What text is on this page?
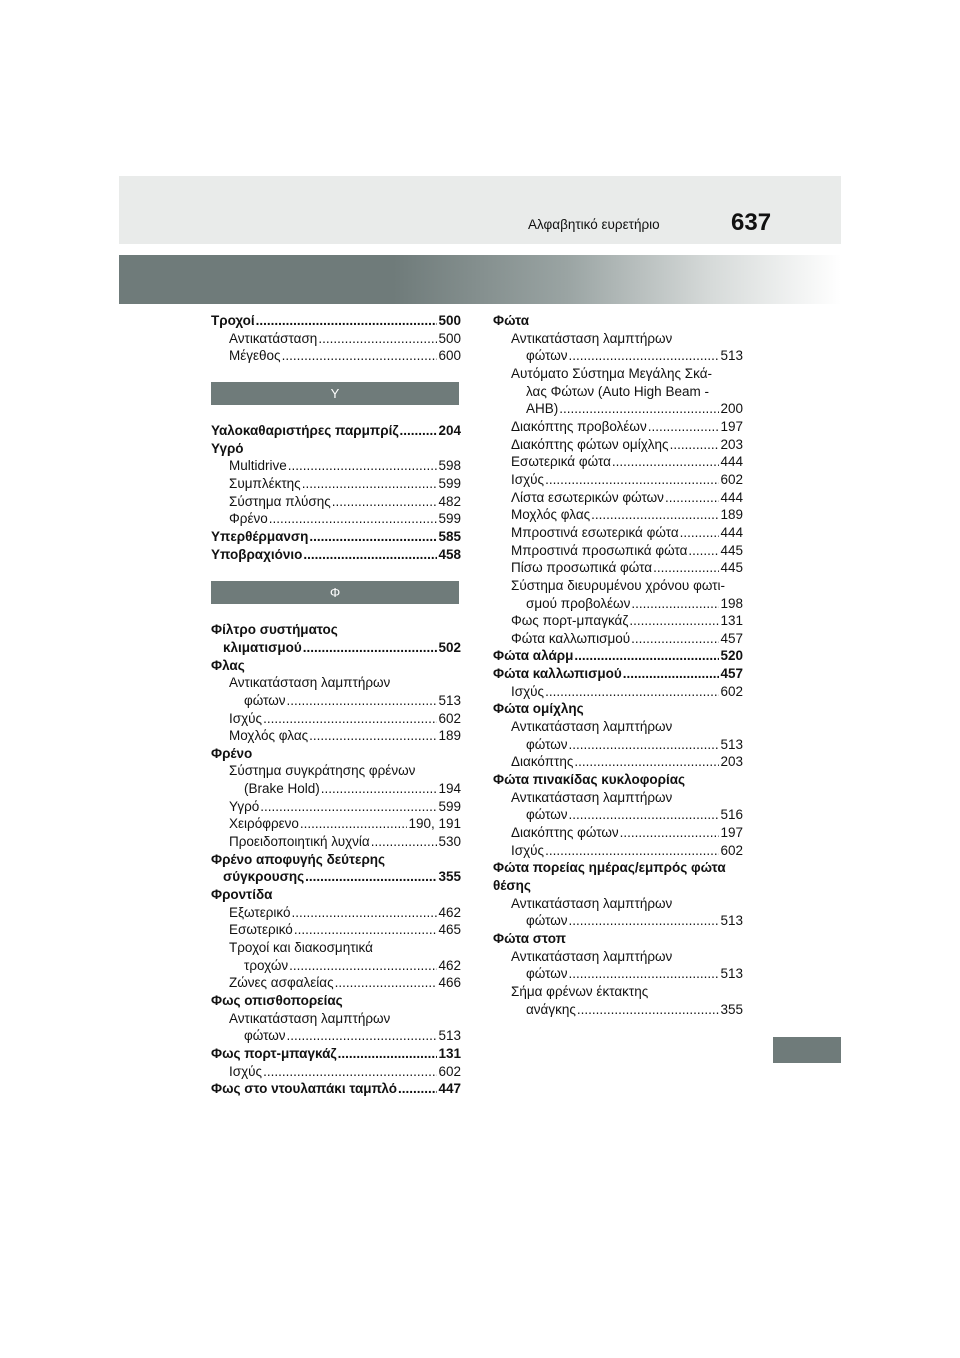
Αλφαβητικό ευρετήριο	637
Τροχοί .....	500
Αντικατάσταση .....	500
Μέγεθος .....	600
Υ
Υαλοκαθαριστήρες παρμπρίζ .....	204
Υγρό
Multidrive .....	598
Συμπλέκτης .....	599
Σύστημα πλύσης .....	482
Φρένο .....	599
Υπερθέρμανση .....	585
Υποβραχιόνιο .....	458
Φ
Φίλτρο συστήματος
κλιματισμού .....	502
Φλας
Αντικατάσταση λαμπτήρων
φώτων .....	513
Ισχύς .....	602
Μοχλός φλας .....	189
Φρένο
Σύστημα συγκράτησης φρένων
(Brake Hold) .....	194
Υγρό .....	599
Χειρόφρενο .....	190, 191
Προειδοποιητική λυχνία .....	530
Φρένο αποφυγής δεύτερης
σύγκρουσης .....	355
Φροντίδα
Εξωτερικό .....	462
Εσωτερικό .....	465
Τροχοί και διακοσμητικά
τροχών .....	462
Ζώνες ασφαλείας .....	466
Φως οπισθοπορείας
Αντικατάσταση λαμπτήρων
φώτων .....	513
Φως πορτ-μπαγκάζ .....	131
Ισχύς .....	602
Φως στο ντουλαπάκι ταμπλό .....	447
Φώτα
Αντικατάσταση λαμπτήρων
φώτων .....	513
Αυτόματο Σύστημα Μεγάλης Σκά-
λας Φώτων (Auto High Beam -
AHB) .....	200
Διακόπτης προβολέων .....	197
Διακόπτης φώτων ομίχλης .....	203
Εσωτερικά φώτα .....	444
Ισχύς .....	602
Λίστα εσωτερικών φώτων .....	444
Μοχλός φλας .....	189
Μπροστινά εσωτερικά φώτα .....	444
Μπροστινά προσωπικά φώτα ..... 445
Πίσω προσωπικά φώτα .....	445
Σύστημα διευρυμένου χρόνου φωτι-
σμού προβολέων .....	198
Φως πορτ-μπαγκάζ .....	131
Φώτα καλλωπισμού .....	457
Φώτα αλάρμ .....	520
Φώτα καλλωπισμού .....	457
Ισχύς .....	602
Φώτα ομίχλης
Αντικατάσταση λαμπτήρων
φώτων .....	513
Διακόπτης .....	203
Φώτα πινακίδας κυκλοφορίας
Αντικατάσταση λαμπτήρων
φώτων .....	516
Διακόπτης φώτων .....	197
Ισχύς .....	602
Φώτα πορείας ημέρας/εμπρός φώτα
θέσης
Αντικατάσταση λαμπτήρων
φώτων .....	513
Φώτα στοπ
Αντικατάσταση λαμπτήρων
φώτων .....	513
Σήμα φρένων έκτακτης
ανάγκης .....	355
